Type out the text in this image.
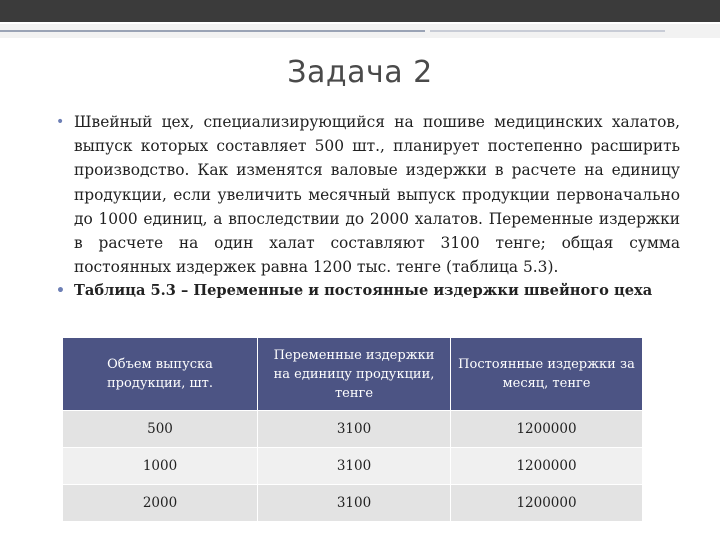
Задача 2
• Швейный цех, специализирующийся на пошиве медицинских халатов, выпуск которых составляет 500 шт., планирует постепенно расширить производство. Как изменятся валовые издержки в расчете на единицу продукции, если увеличить месячный выпуск продукции первоначально до 1000 единиц, а впоследствии до 2000 халатов. Переменные издержки в расчете на один халат составляют 3100 тенге; общая сумма постоянных издержек равна 1200 тыс. тенге (таблица 5.3).
• Таблица 5.3 – Переменные и постоянные издержки швейного цеха
Объем выпуска продукции, шт.	Переменные издержки на единицу продукции, тенге	Постоянные издержки за месяц, тенге
500	3100	1200000
1000	3100	1200000
2000	3100	1200000
